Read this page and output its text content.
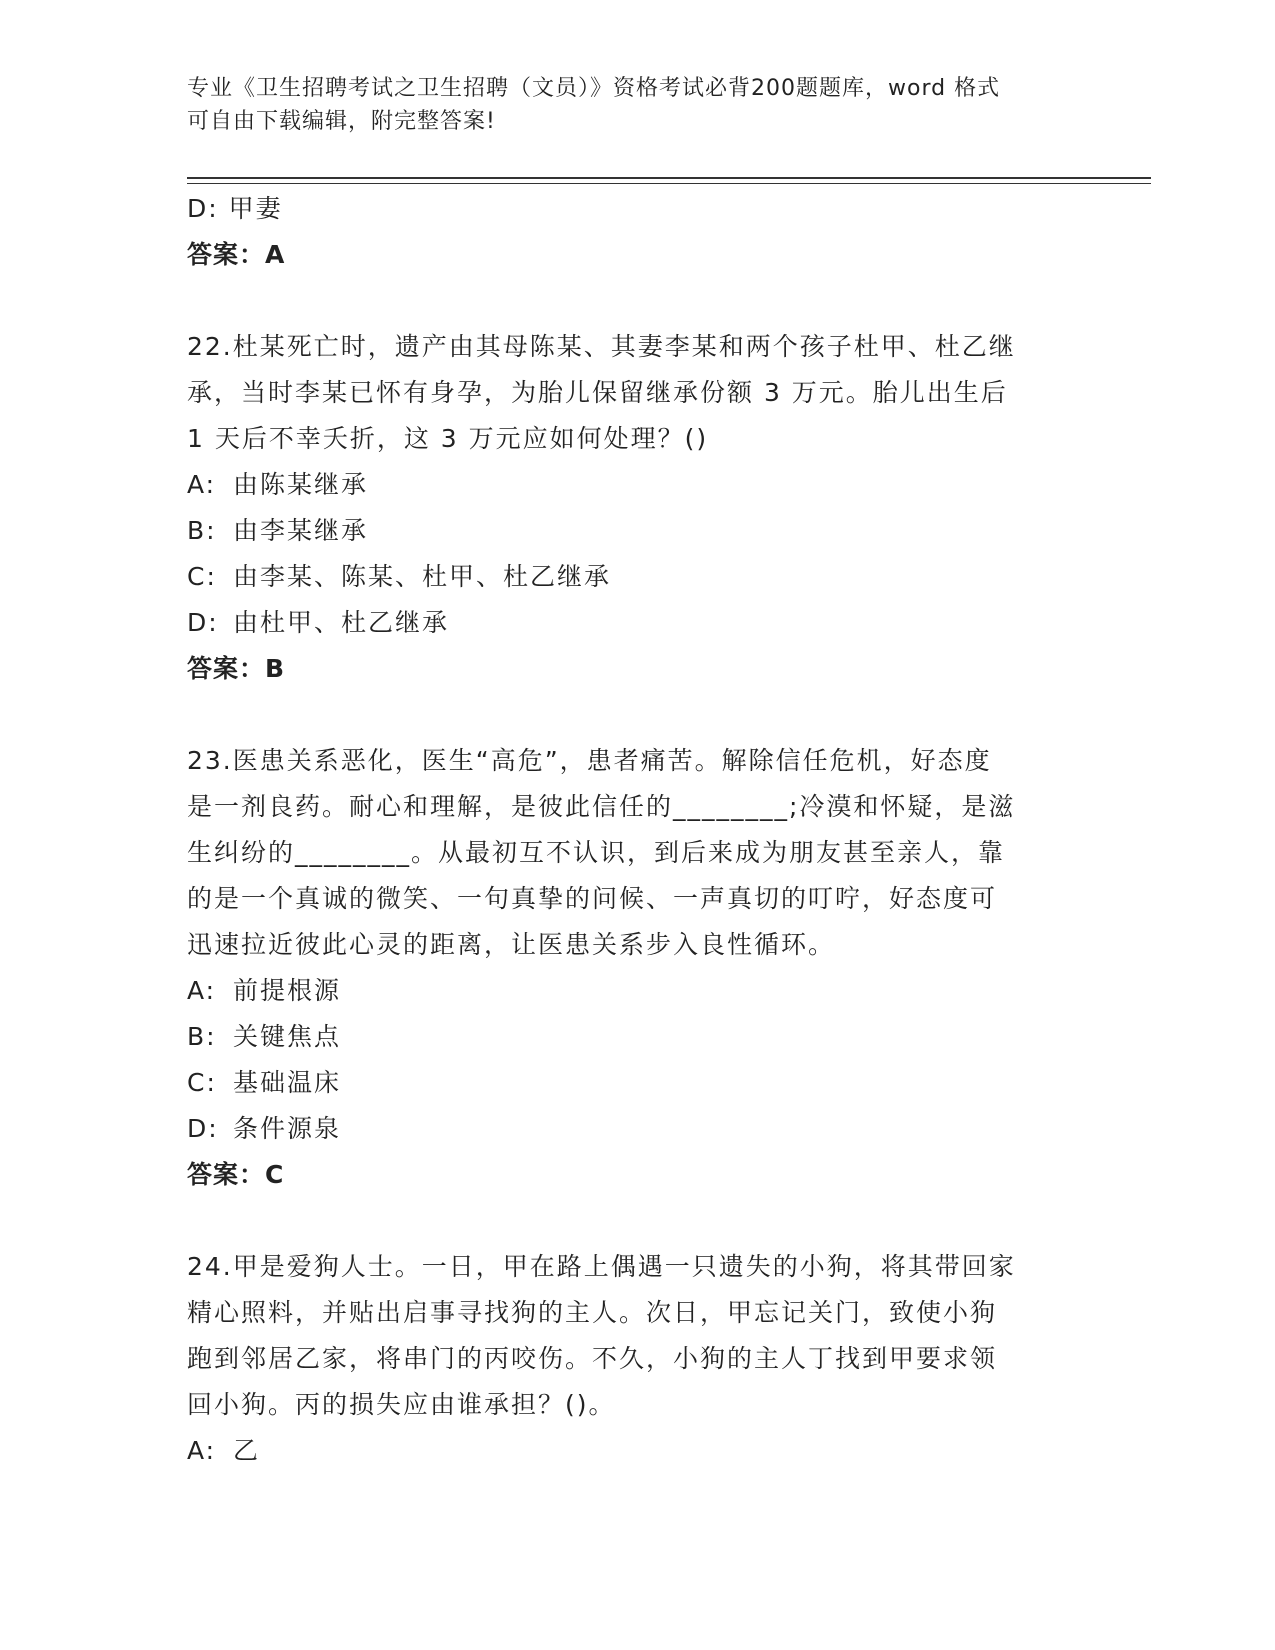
专业《卫生招聘考试之卫生招聘（文员）》资格考试必背200题题库，word 格式
可自由下载编辑，附完整答案!
D: 甲妻
答案：A
22.杜某死亡时，遗产由其母陈某、其妻李某和两个孩子杜甲、杜乙继
承，当时李某已怀有身孕，为胎儿保留继承份额 3 万元。胎儿出生后
1 天后不幸夭折，这 3 万元应如何处理？()
A: 由陈某继承
B: 由李某继承
C: 由李某、陈某、杜甲、杜乙继承
D: 由杜甲、杜乙继承
答案：B
23.医患关系恶化，医生“高危”，患者痛苦。解除信任危机，好态度
是一剂良药。耐心和理解，是彼此信任的________;冷漠和怀疑，是滋
生纠纷的________。从最初互不认识，到后来成为朋友甚至亲人，靠
的是一个真诚的微笑、一句真挚的问候、一声真切的叮咛，好态度可
迅速拉近彼此心灵的距离，让医患关系步入良性循环。
A: 前提根源
B: 关键焦点
C: 基础温床
D: 条件源泉
答案：C
24.甲是爱狗人士。一日，甲在路上偶遇一只遗失的小狗，将其带回家
精心照料，并贴出启事寻找狗的主人。次日，甲忘记关门，致使小狗
跑到邻居乙家，将串门的丙咬伤。不久，小狗的主人丁找到甲要求领
回小狗。丙的损失应由谁承担？()。
A: 乙
